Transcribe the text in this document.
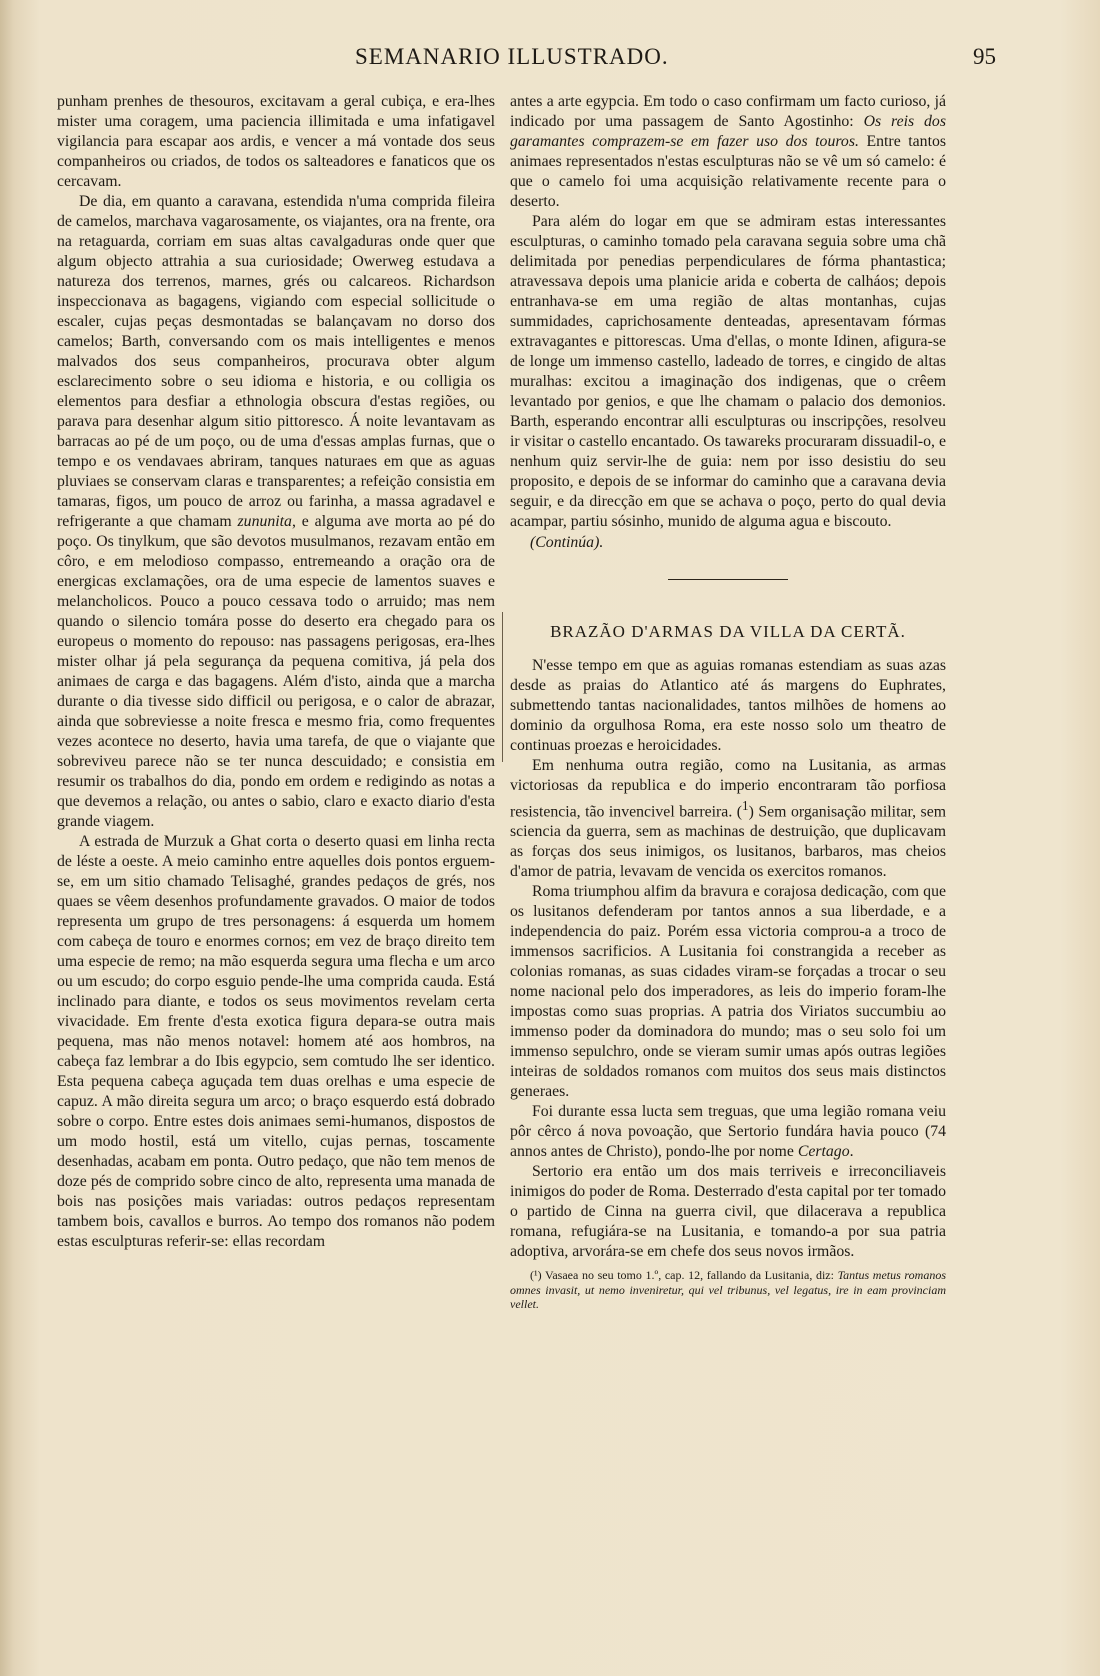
SEMANARIO ILLUSTRADO.	95

punham prenhes de thesouros, excitavam a geral cubiça, e era-lhes mister uma coragem, uma paciencia illimitada e uma infatigavel vigilancia para escapar aos ardis, e vencer a má vontade dos seus companheiros ou criados, de todos os salteadores e fanaticos que os cercavam.

De dia, em quanto a caravana, estendida n'uma comprida fileira de camelos, marchava vagarosamente, os viajantes, ora na frente, ora na retaguarda, corriam em suas altas cavalgaduras onde quer que algum objecto attrahia a sua curiosidade; Owerweg estudava a natureza dos terrenos, marnes, grés ou calcareos. Richardson inspeccionava as bagagens, vigiando com especial sollicitude o escaler, cujas peças desmontadas se balançavam no dorso dos camelos; Barth, conversando com os mais intelligentes e menos malvados dos seus companheiros, procurava obter algum esclarecimento sobre o seu idioma e historia, e ou colligia os elementos para desfiar a ethnologia obscura d'estas regiões, ou parava para desenhar algum sitio pittoresco. Á noite levantavam as barracas ao pé de um poço, ou de uma d'essas amplas furnas, que o tempo e os vendavaes abriram, tanques naturaes em que as aguas pluviaes se conservam claras e transparentes; a refeição consistia em tamaras, figos, um pouco de arroz ou farinha, a massa agradavel e refrigerante a que chamam zununita, e alguma ave morta ao pé do poço. Os tinylkum, que são devotos musulmanos, rezavam então em côro, e em melodioso compasso, entremeando a oração ora de energicas exclamações, ora de uma especie de lamentos suaves e melancholicos. Pouco a pouco cessava todo o arruido; mas nem quando o silencio tomára posse do deserto era chegado para os europeus o momento do repouso: nas passagens perigosas, era-lhes mister olhar já pela segurança da pequena comitiva, já pela dos animaes de carga e das bagagens. Além d'isto, ainda que a marcha durante o dia tivesse sido difficil ou perigosa, e o calor de abrazar, ainda que sobreviesse a noite fresca e mesmo fria, como frequentes vezes acontece no deserto, havia uma tarefa, de que o viajante que sobreviveu parece não se ter nunca descuidado; e consistia em resumir os trabalhos do dia, pondo em ordem e redigindo as notas a que devemos a relação, ou antes o sabio, claro e exacto diario d'esta grande viagem.

A estrada de Murzuk a Ghat corta o deserto quasi em linha recta de léste a oeste. A meio caminho entre aquelles dois pontos erguem-se, em um sitio chamado Telisaghé, grandes pedaços de grés, nos quaes se vêem desenhos profundamente gravados. O maior de todos representa um grupo de tres personagens: á esquerda um homem com cabeça de touro e enormes cornos; em vez de braço direito tem uma especie de remo; na mão esquerda segura uma flecha e um arco ou um escudo; do corpo esguio pende-lhe uma comprida cauda. Está inclinado para diante, e todos os seus movimentos revelam certa vivacidade. Em frente d'esta exotica figura depara-se outra mais pequena, mas não menos notavel: homem até aos hombros, na cabeça faz lembrar a do Ibis egypcio, sem comtudo lhe ser identico. Esta pequena cabeça aguçada tem duas orelhas e uma especie de capuz. A mão direita segura um arco; o braço esquerdo está dobrado sobre o corpo. Entre estes dois animaes semi-humanos, dispostos de um modo hostil, está um vitello, cujas pernas, toscamente desenhadas, acabam em ponta. Outro pedaço, que não tem menos de doze pés de comprido sobre cinco de alto, representa uma manada de bois nas posições mais variadas: outros pedaços representam tambem bois, cavallos e burros. Ao tempo dos romanos não podem estas esculpturas referir-se: ellas recordam

antes a arte egypcia. Em todo o caso confirmam um facto curioso, já indicado por uma passagem de Santo Agostinho: Os reis dos garamantes comprazem-se em fazer uso dos touros. Entre tantos animaes representados n'estas esculpturas não se vê um só camelo: é que o camelo foi uma acquisição relativamente recente para o deserto.

Para além do logar em que se admiram estas interessantes esculpturas, o caminho tomado pela caravana seguia sobre uma chã delimitada por penedias perpendiculares de fórma phantastica; atravessava depois uma planicie arida e coberta de calháos; depois entranhava-se em uma região de altas montanhas, cujas summidades, caprichosamente denteadas, apresentavam fórmas extravagantes e pittorescas. Uma d'ellas, o monte Idinen, afigura-se de longe um immenso castello, ladeado de torres, e cingido de altas muralhas: excitou a imaginação dos indigenas, que o crêem levantado por genios, e que lhe chamam o palacio dos demonios. Barth, esperando encontrar alli esculpturas ou inscripções, resolveu ir visitar o castello encantado. Os tawareks procuraram dissuadil-o, e nenhum quiz servir-lhe de guia: nem por isso desistiu do seu proposito, e depois de se informar do caminho que a caravana devia seguir, e da direcção em que se achava o poço, perto do qual devia acampar, partiu sósinho, munido de alguma agua e biscouto.

(Continúa).

BRAZÃO D'ARMAS DA VILLA DA CERTÃ.

N'esse tempo em que as aguias romanas estendiam as suas azas desde as praias do Atlantico até ás margens do Euphrates, submettendo tantas nacionalidades, tantos milhões de homens ao dominio da orgulhosa Roma, era este nosso solo um theatro de continuas proezas e heroicidades.

Em nenhuma outra região, como na Lusitania, as armas victoriosas da republica e do imperio encontraram tão porfiosa resistencia, tão invencivel barreira. ($^1$) Sem organisação militar, sem sciencia da guerra, sem as machinas de destruição, que duplicavam as forças dos seus inimigos, os lusitanos, barbaros, mas cheios d'amor de patria, levavam de vencida os exercitos romanos.

Roma triumphou alfim da bravura e corajosa dedicação, com que os lusitanos defenderam por tantos annos a sua liberdade, e a independencia do paiz. Porém essa victoria comprou-a a troco de immensos sacrificios. A Lusitania foi constrangida a receber as colonias romanas, as suas cidades viram-se forçadas a trocar o seu nome nacional pelo dos imperadores, as leis do imperio foram-lhe impostas como suas proprias. A patria dos Viriatos succumbiu ao immenso poder da dominadora do mundo; mas o seu solo foi um immenso sepulchro, onde se vieram sumir umas após outras legiões inteiras de soldados romanos com muitos dos seus mais distinctos generaes.

Foi durante essa lucta sem treguas, que uma legião romana veiu pôr cêrco á nova povoação, que Sertorio fundára havia pouco (74 annos antes de Christo), pondo-lhe por nome Certago.

Sertorio era então um dos mais terriveis e irreconciliaveis inimigos do poder de Roma. Desterrado d'esta capital por ter tomado o partido de Cinna na guerra civil, que dilacerava a republica romana, refugiára-se na Lusitania, e tomando-a por sua patria adoptiva, arvorára-se em chefe dos seus novos irmãos.

(¹) Vasaea no seu tomo 1.º, cap. 12, fallando da Lusitania, diz: Tantus metus romanos omnes invasit, ut nemo inveniretur, qui vel tribunus, vel legatus, ire in eam provinciam vellet.
